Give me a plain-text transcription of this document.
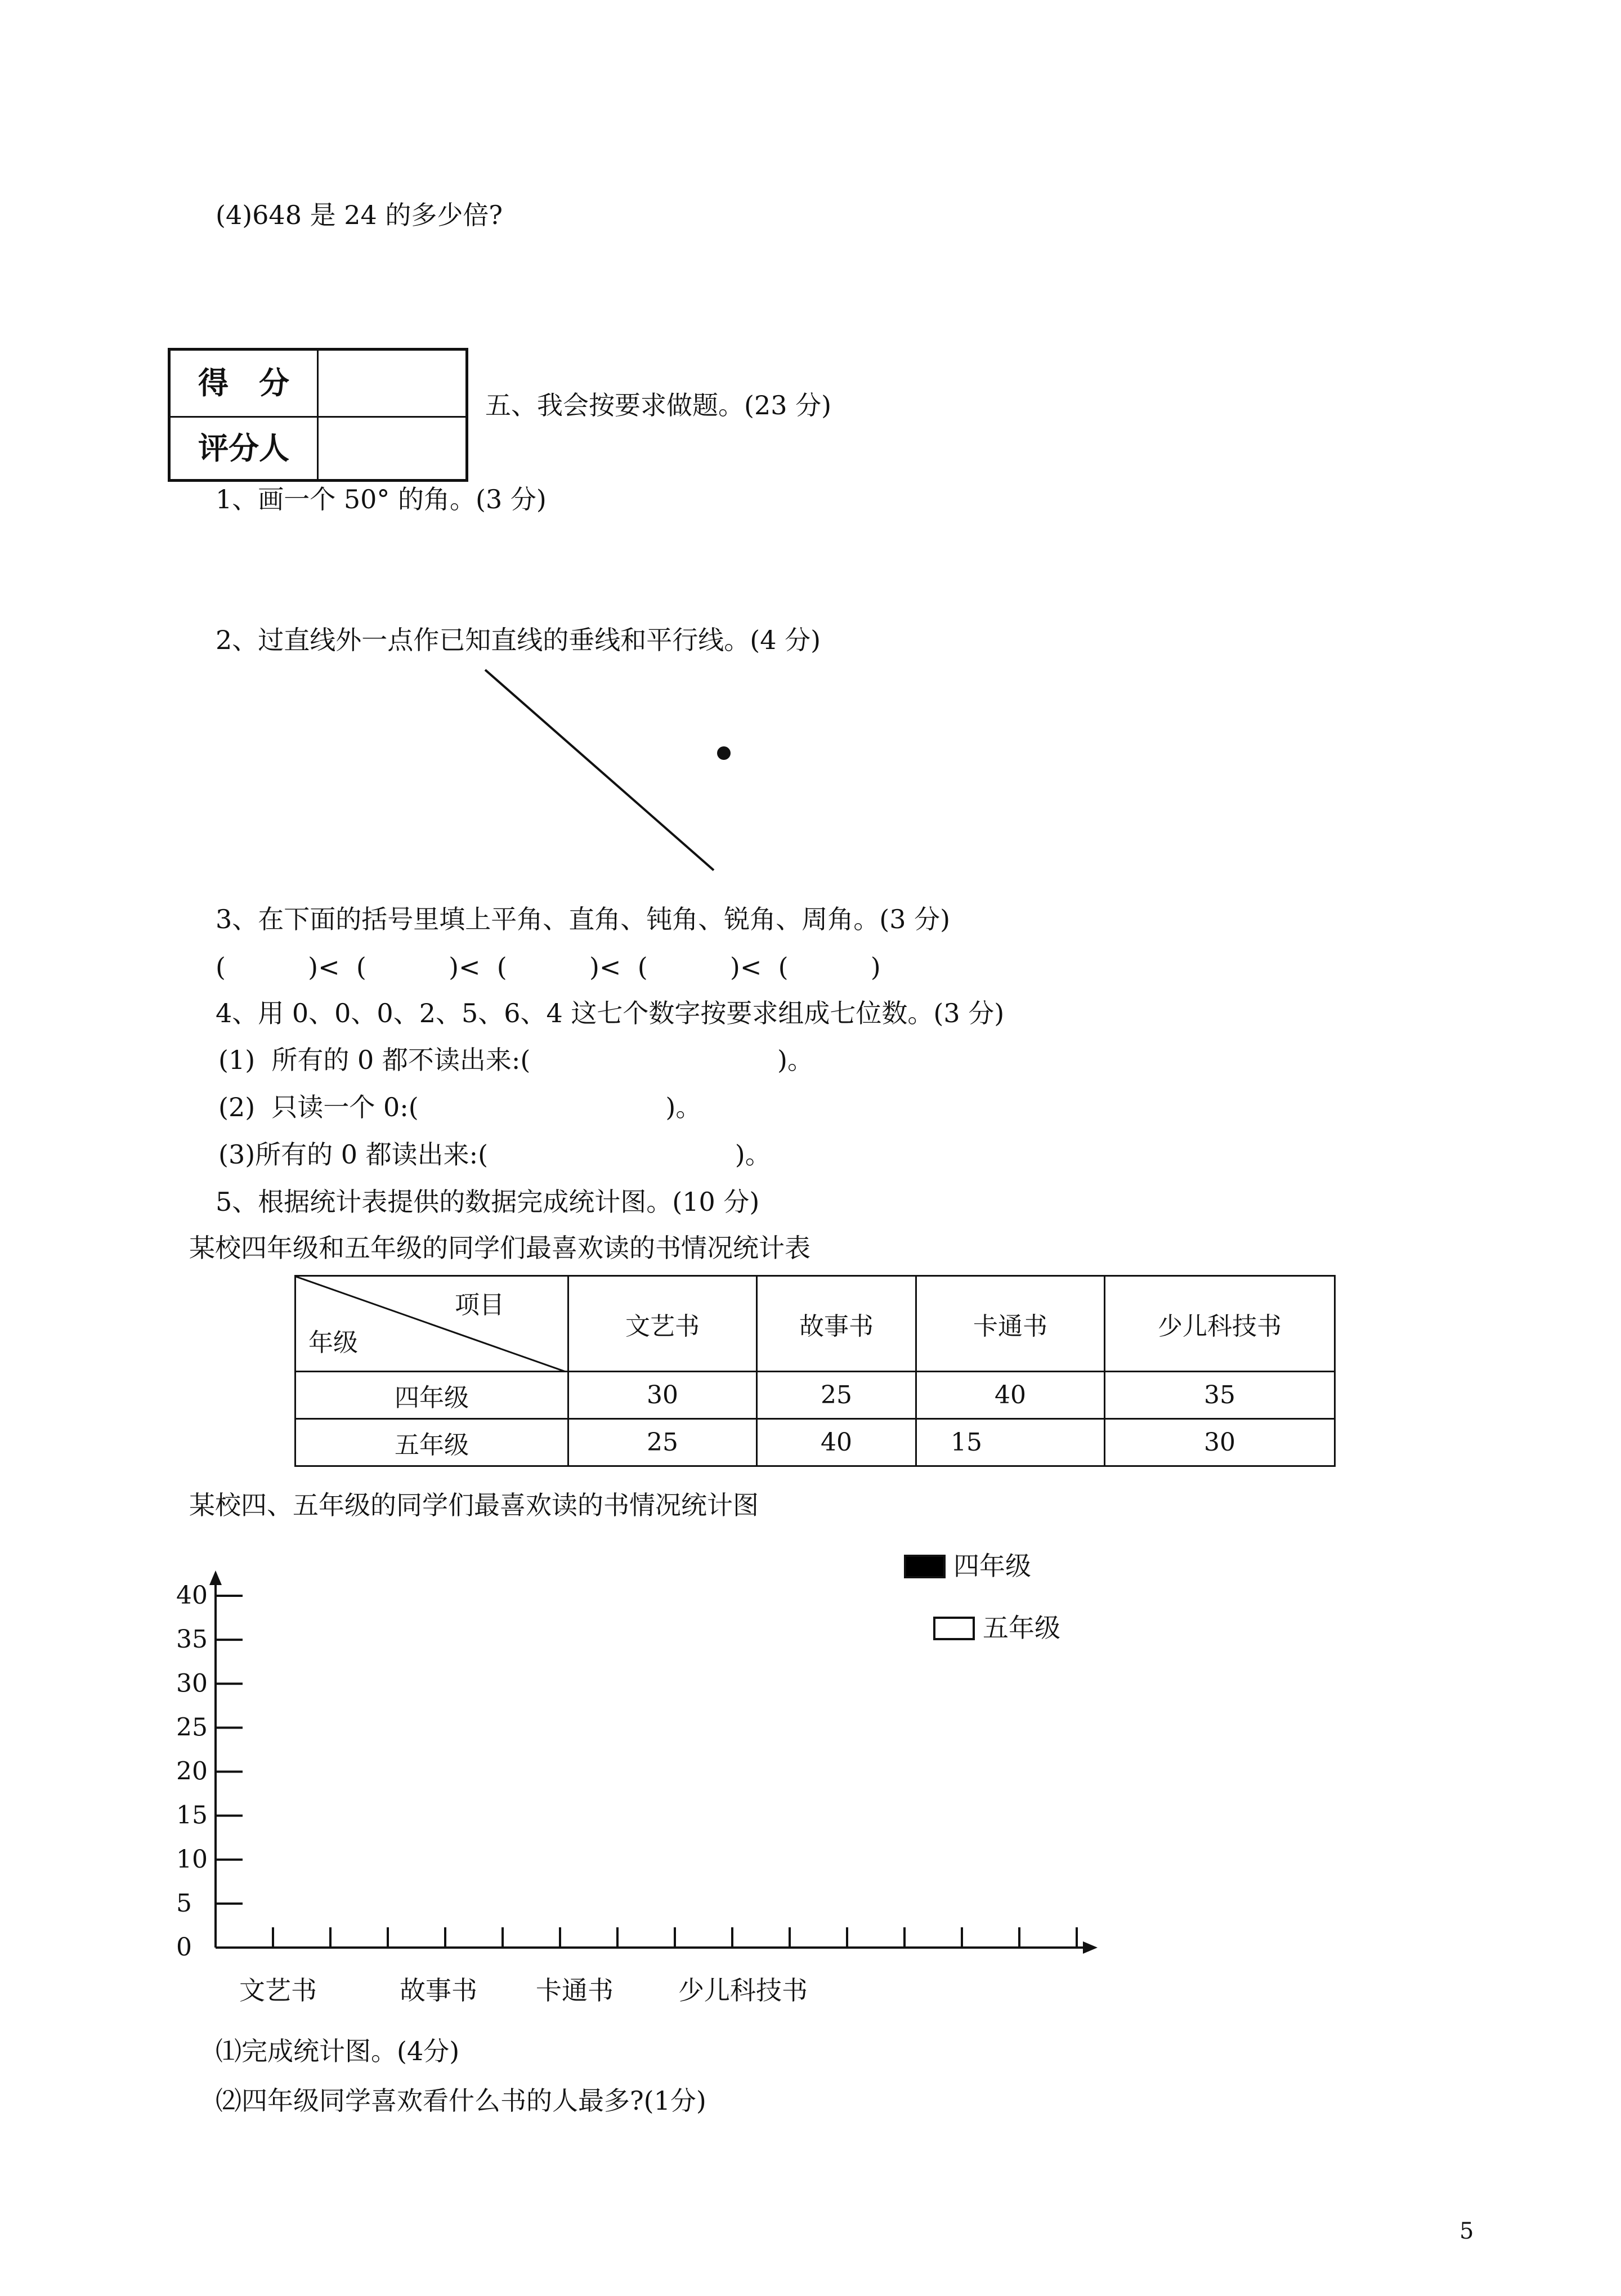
(4)648 是 24 的多少倍?
得　分
评分人
五、我会按要求做题。(23 分)
1、画一个 50° 的角。(3 分)
2、过直线外一点作已知直线的垂线和平行线。(4 分)
3、在下面的括号里填上平角、直角、钝角、锐角、周角。(3 分)
(          )<  (          )<  (          )<  (          )<  (          )
4、用 0、0、0、2、5、6、4 这七个数字按要求组成七位数。(3 分)
(1)  所有的 0 都不读出来:(                              )。
(2)  只读一个 0:(                              )。
(3)所有的 0 都读出来:(                              )。
5、根据统计表提供的数据完成统计图。(10 分)
某校四年级和五年级的同学们最喜欢读的书情况统计表
项目
年级	文艺书	故事书	卡通书	少儿科技书
四年级	30	25	40	35
五年级	25	40	15	30
某校四、五年级的同学们最喜欢读的书情况统计图
40
35
30
25
20
15
10
5
0
文艺书	故事书 卡通书	少儿科技书
四年级
五年级
⑴完成统计图。(4分)
⑵四年级同学喜欢看什么书的人最多?(1分)
5
